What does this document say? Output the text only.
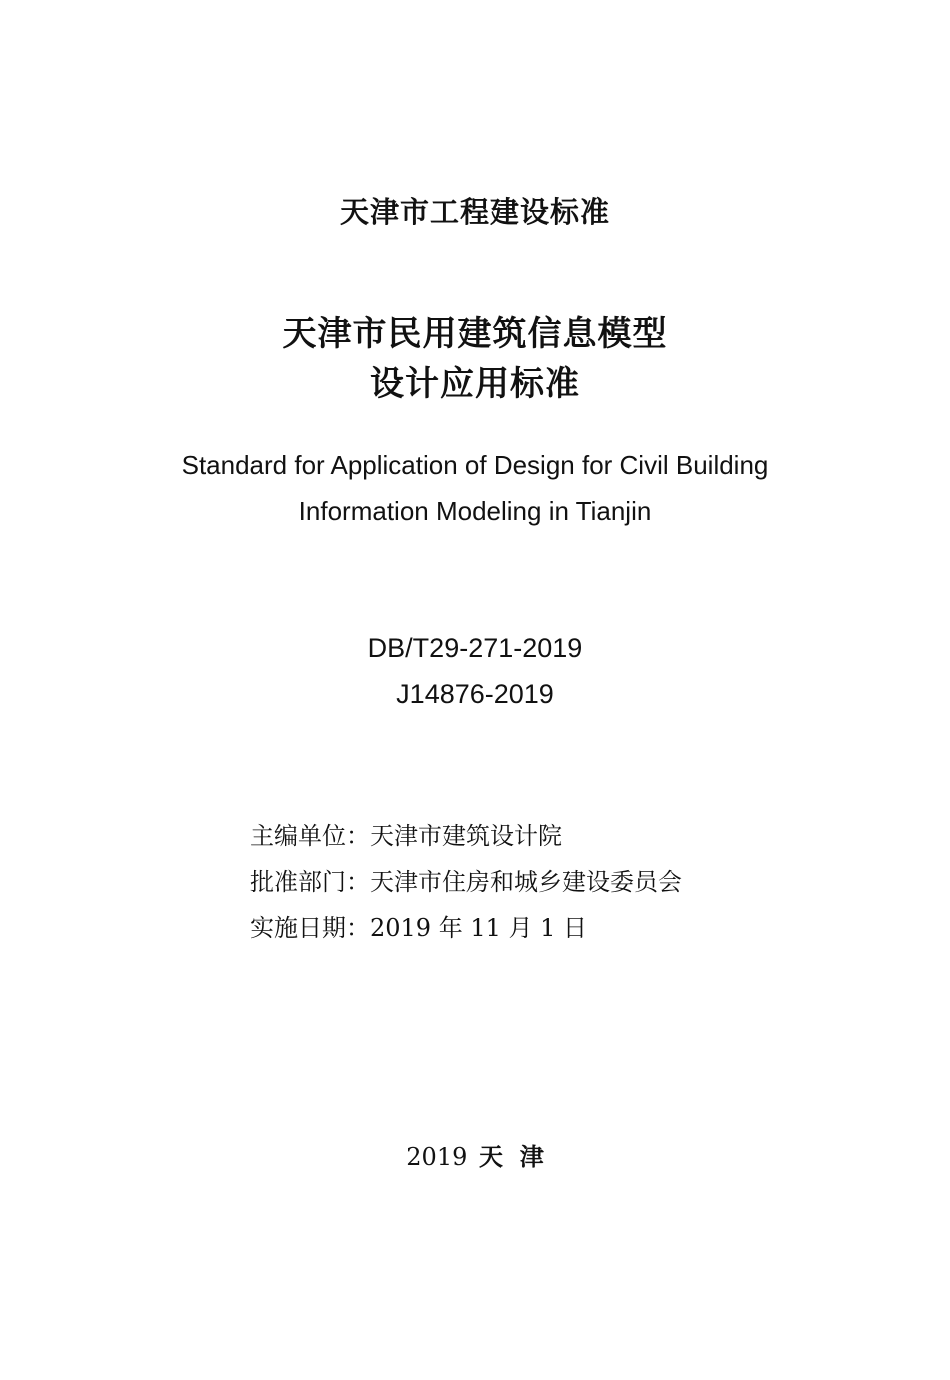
天津市工程建设标准
天津市民用建筑信息模型
设计应用标准
Standard for Application of Design for Civil Building
Information Modeling in Tianjin
DB/T29-271-2019
J14876-2019
主编单位：天津市建筑设计院
批准部门：天津市住房和城乡建设委员会
实施日期：2019 年 11 月 1 日
2019 天  津
